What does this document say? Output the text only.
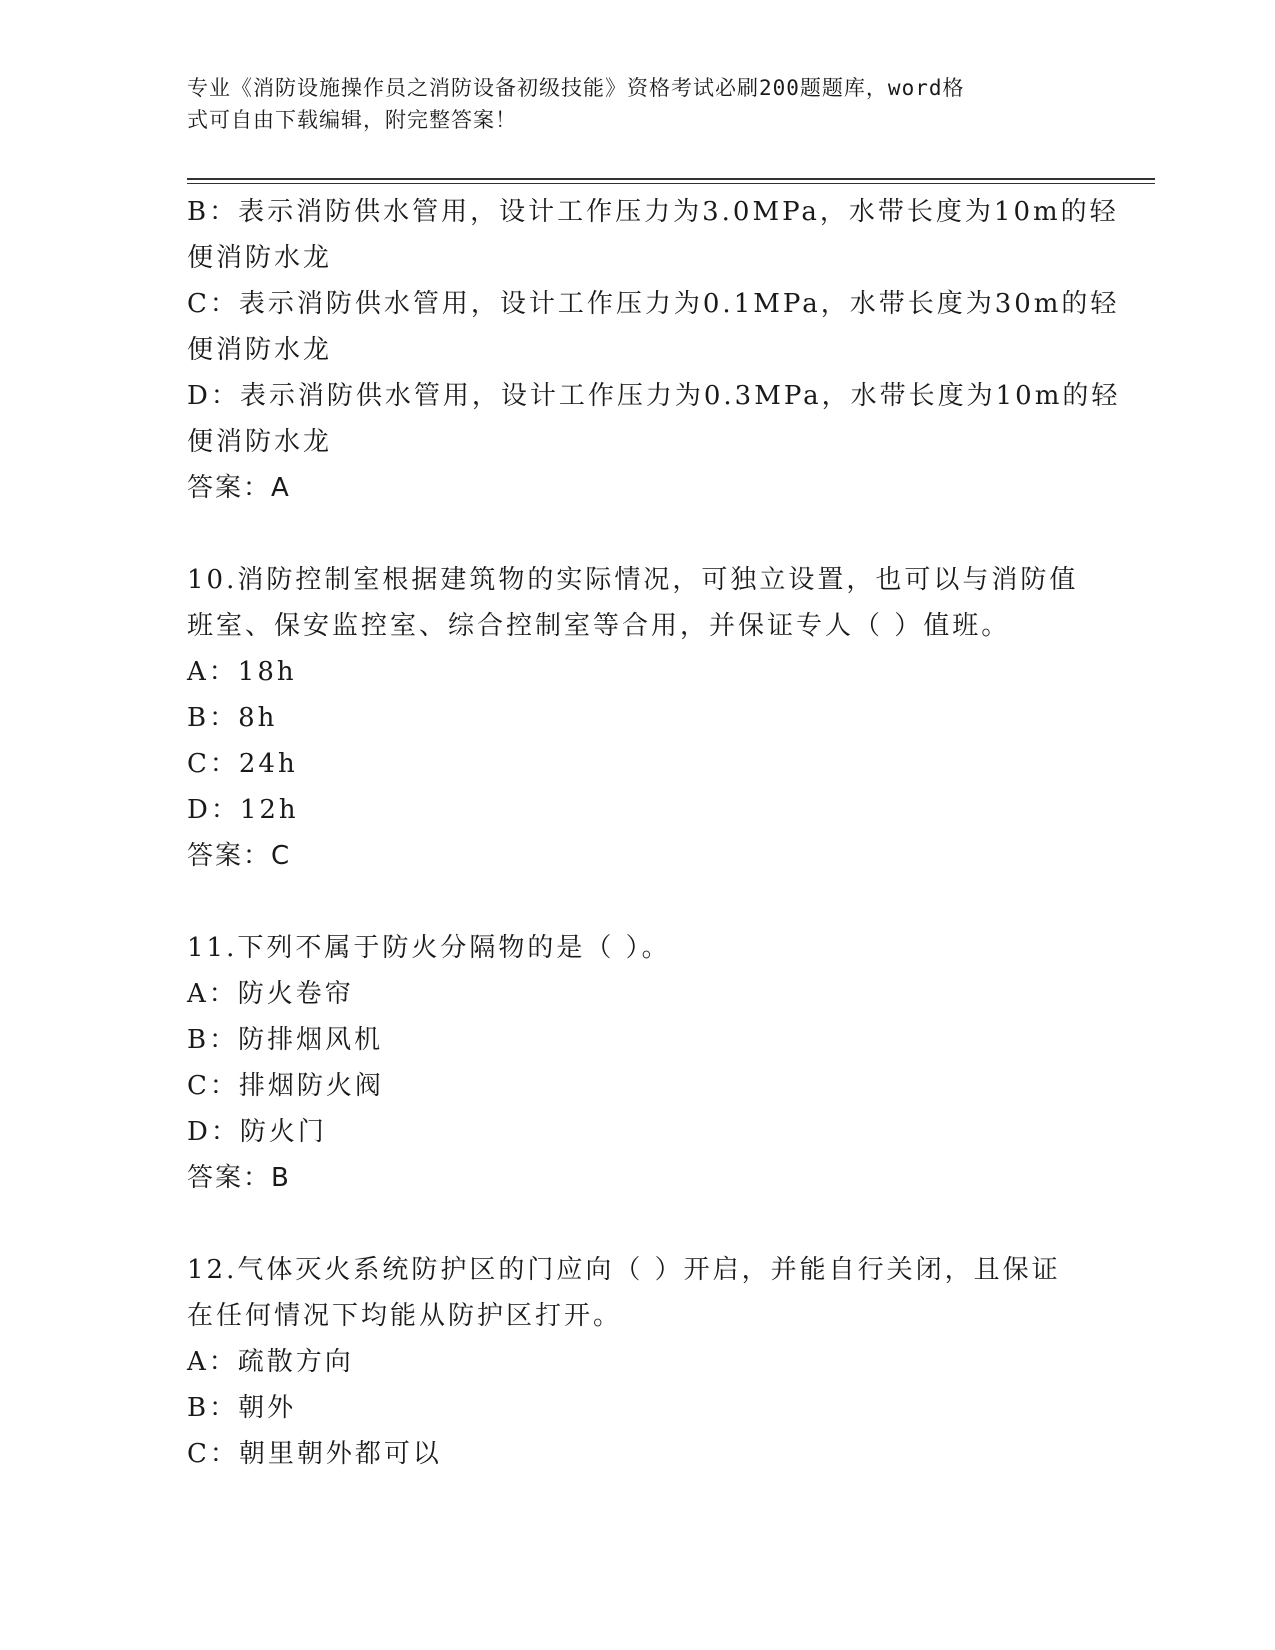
专业《消防设施操作员之消防设备初级技能》资格考试必刷200题题库，word格
式可自由下载编辑，附完整答案！
B：表示消防供水管用，设计工作压力为3.0MPa，水带长度为10m的轻
便消防水龙
C：表示消防供水管用，设计工作压力为0.1MPa，水带长度为30m的轻
便消防水龙
D：表示消防供水管用，设计工作压力为0.3MPa，水带长度为10m的轻
便消防水龙
答案：A
10.消防控制室根据建筑物的实际情况，可独立设置，也可以与消防值
班室、保安监控室、综合控制室等合用，并保证专人（ ）值班。
A：18h
B：8h
C：24h
D：12h
答案：C
11.下列不属于防火分隔物的是（ ）。
A：防火卷帘
B：防排烟风机
C：排烟防火阀
D：防火门
答案：B
12.气体灭火系统防护区的门应向（ ）开启，并能自行关闭，且保证
在任何情况下均能从防护区打开。
A：疏散方向
B：朝外
C：朝里朝外都可以
